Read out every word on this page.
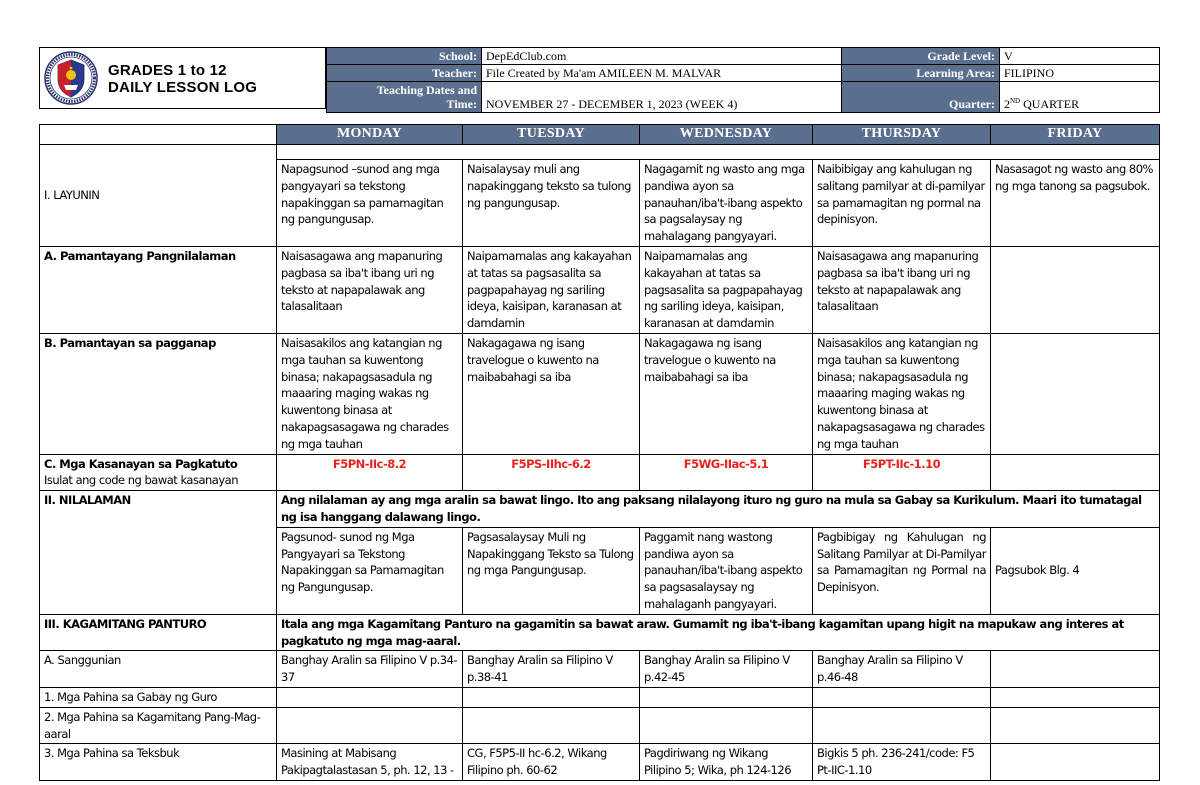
GRADES 1 to 12
DAILY LESSON LOG
School:	DepEdClub.com	Grade Level:	V
Teacher:	File Created by Ma'am AMILEEN M. MALVAR	Learning Area:	FILIPINO

Teaching Dates and
Time:	NOVEMBER 27 - DECEMBER 1, 2023 (WEEK 4)	Quarter:	2ND QUARTER
	MONDAY	TUESDAY	WEDNESDAY	THURSDAY	FRIDAY
I. LAYUNIN					
	Napagsunod –sunod ang mga pangyayari sa tekstong napakinggan sa pamamagitan ng pangungusap.	Naisalaysay muli ang napakinggang teksto sa tulong ng pangungusap.	Nagagamit ng wasto ang mga pandiwa ayon sa panauhan/iba't-ibang aspekto sa pagsalaysay ng mahalagang pangyayari.	Naibibigay ang kahulugan ng salitang pamilyar at di-pamilyar sa pamamagitan ng pormal na depinisyon.	Nasasagot ng wasto ang 80% ng mga tanong sa pagsubok.
A. Pamantayang Pangnilalaman	Naisasagawa ang mapanuring pagbasa sa iba't ibang uri ng teksto at napapalawak ang talasalitaan	Naipamamalas ang kakayahan at tatas sa pagsasalita sa pagpapahayag ng sariling ideya, kaisipan, karanasan at damdamin	Naipamamalas ang kakayahan at tatas sa pagsasalita sa pagpapahayag ng sariling ideya, kaisipan, karanasan at damdamin	Naisasagawa ang mapanuring pagbasa sa iba't ibang uri ng teksto at napapalawak ang talasalitaan	
B. Pamantayan sa pagganap	Naisasakilos ang katangian ng mga tauhan sa kuwentong binasa; nakapagsasadula ng maaaring maging wakas ng kuwentong binasa at nakapagsasagawa ng charades ng mga tauhan	Nakagagawa ng isang travelogue o kuwento na maibabahagi sa iba	Nakagagawa ng isang travelogue o kuwento na maibabahagi sa iba	Naisasakilos ang katangian ng mga tauhan sa kuwentong binasa; nakapagsasadula ng maaaring maging wakas ng kuwentong binasa at nakapagsasagawa ng charades ng mga tauhan	

C. Mga Kasanayan sa Pagkatuto
Isulat ang code ng bawat kasanayan	F5PN-IIc-8.2	F5PS-IIhc-6.2	F5WG-IIac-5.1	F5PT-IIc-1.10	
II. NILALAMAN	Ang nilalaman ay ang mga aralin sa bawat lingo. Ito ang paksang nilalayong ituro ng guro na mula sa Gabay sa Kurikulum. Maari ito tumatagal ng isa hanggang dalawang lingo.				
	Pagsunod- sunod ng Mga Pangyayari sa Tekstong Napakinggan sa Pamamagitan ng Pangungusap.	Pagsasalaysay Muli ng Napakinggang Teksto sa Tulong ng mga Pangungusap.	Paggamit nang wastong pandiwa ayon sa panauhan/iba't-ibang aspekto sa pagsasalaysay ng mahalaganh pangyayari.	Pagbibigay ng Kahulugan ng Salitang Pamilyar at Di-Pamilyar sa Pamamagitan ng Pormal na Depinisyon.	Pagsubok Blg. 4
III. KAGAMITANG PANTURO	Itala ang mga Kagamitang Panturo na gagamitin sa bawat araw. Gumamit ng iba't-ibang kagamitan upang higit na mapukaw ang interes at pagkatuto ng mga mag-aaral.				
A. Sanggunian	Banghay Aralin sa Filipino V p.34-37	Banghay Aralin sa Filipino V p.38-41	Banghay Aralin sa Filipino V p.42-45	Banghay Aralin sa Filipino V p.46-48	
1. Mga Pahina sa Gabay ng Guro					
2. Mga Pahina sa Kagamitang Pang-Mag-aaral					
3. Mga Pahina sa Teksbuk	Masining at Mabisang Pakipagtalastasan 5, ph. 12, 13 -	CG, F5P5-II hc-6.2, Wikang Filipino ph. 60-62	Pagdiriwang ng Wikang Pilipino 5; Wika, ph 124-126	Bigkis 5 ph. 236-241/code: F5 Pt-IIC-1.10	
